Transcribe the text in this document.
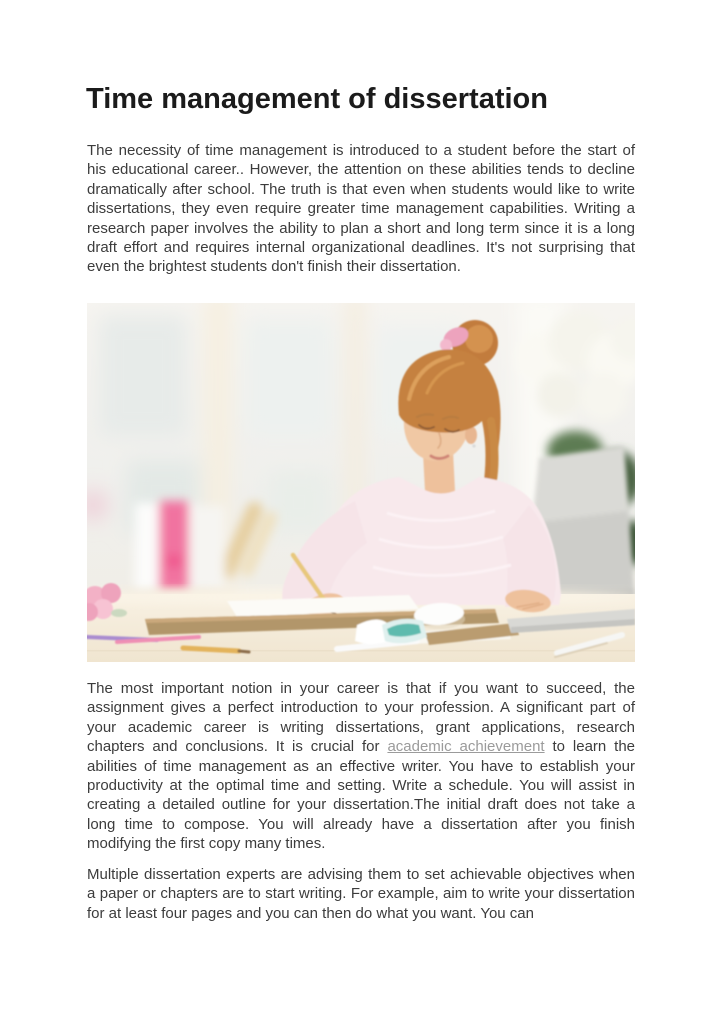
Time management of dissertation

The necessity of time management is introduced to a student before the start of his educational career.. However, the attention on these abilities tends to decline dramatically after school. The truth is that even when students would like to write dissertations, they even require greater time management capabilities. Writing a research paper involves the ability to plan a short and long term since it is a long draft effort and requires internal organizational deadlines. It's not surprising that even the brightest students don't finish their dissertation.

The most important notion in your career is that if you want to succeed, the assignment gives a perfect introduction to your profession. A significant part of your academic career is writing dissertations, grant applications, research chapters and conclusions. It is crucial for academic achievement to learn the abilities of time management as an effective writer. You have to establish your productivity at the optimal time and setting. Write a schedule. You will assist in creating a detailed outline for your dissertation.The initial draft does not take a long time to compose. You will already have a dissertation after you finish modifying the first copy many times.

Multiple dissertation experts are advising them to set achievable objectives when a paper or chapters are to start writing. For example, aim to write your dissertation for at least four pages and you can then do what you want. You can
